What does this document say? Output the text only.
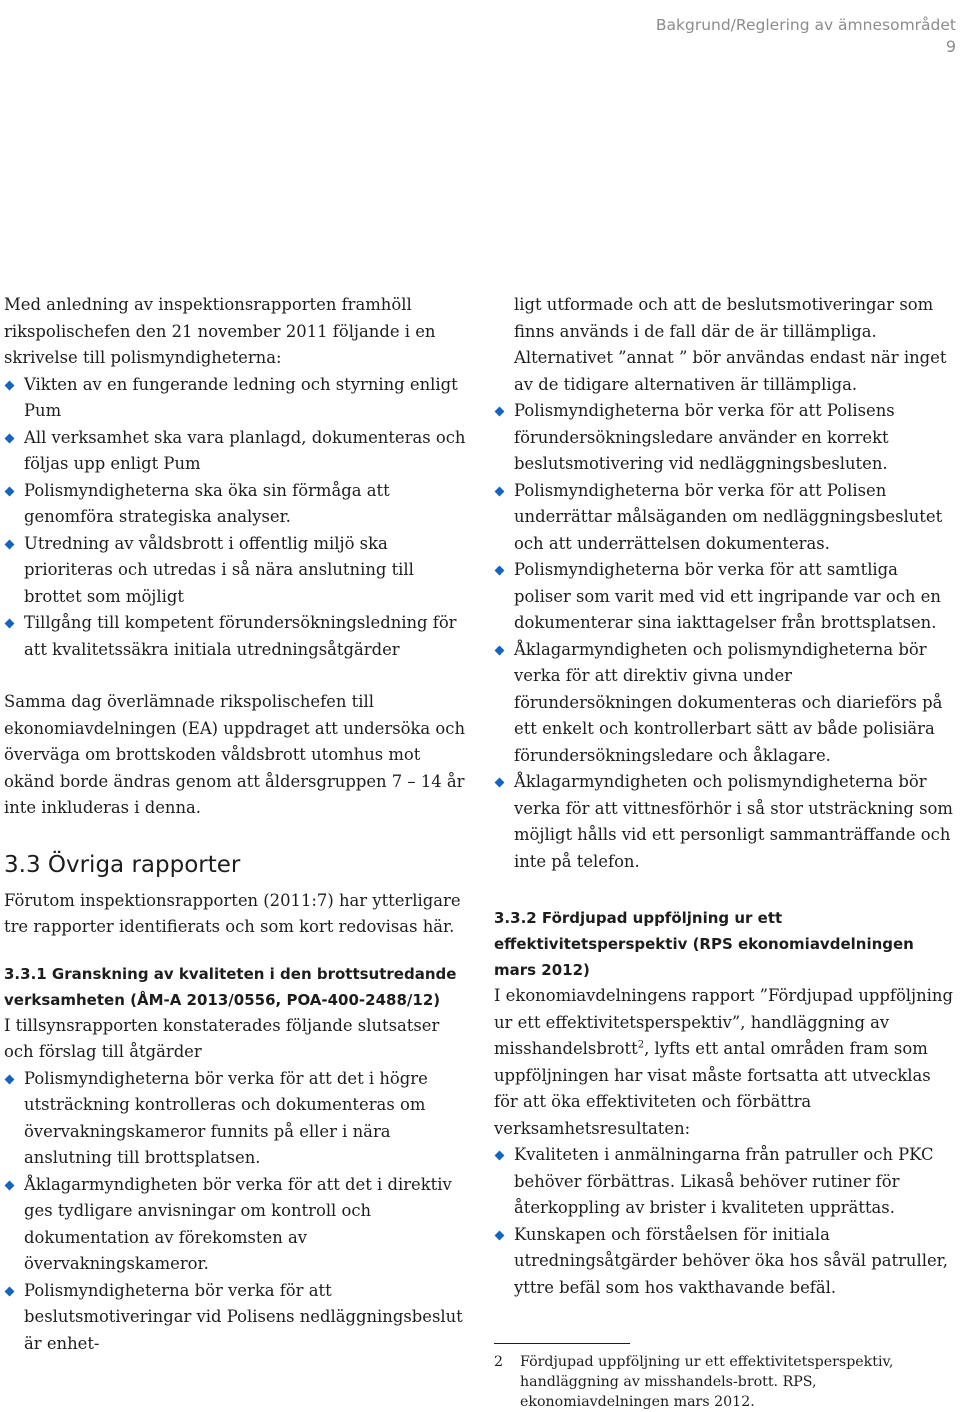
Bakgrund/Reglering av ämnesområdet
9

Med anledning av inspektionsrapporten framhöll rikspolischefen den 21 november 2011 följande i en skrivelse till polismyndigheterna:

Vikten av en fungerande ledning och styrning enligt Pum
All verksamhet ska vara planlagd, dokumenteras och följas upp enligt Pum
Polismyndigheterna ska öka sin förmåga att genomföra strategiska analyser.
Utredning av våldsbrott i offentlig miljö ska prioriteras och utredas i så nära anslutning till brottet som möjligt
Tillgång till kompetent förundersökningsledning för att kvalitetssäkra initiala utredningsåtgärder

Samma dag överlämnade rikspolischefen till ekonomiavdelningen (EA) uppdraget att undersöka och överväga om brottskoden våldsbrott utomhus mot okänd borde ändras genom att åldersgruppen 7 – 14 år inte inkluderas i denna.

3.3 Övriga rapporter

Förutom inspektionsrapporten (2011:7) har ytterligare tre rapporter identifierats och som kort redovisas här.

3.3.1 Granskning av kvaliteten i den brottsutredande verksamheten (ÅM-A 2013/0556, POA-400-2488/12)

I tillsynsrapporten konstaterades följande slutsatser och förslag till åtgärder

Polismyndigheterna bör verka för att det i högre utsträckning kontrolleras och dokumenteras om övervakningskameror funnits på eller i nära anslutning till brottsplatsen.
Åklagarmyndigheten bör verka för att det i direktiv ges tydligare anvisningar om kontroll och dokumentation av förekomsten av övervakningskameror.
Polismyndigheterna bör verka för att beslutsmotiveringar vid Polisens nedläggningsbeslut är enhet-

ligt utformade och att de beslutsmotiveringar som finns används i de fall där de är tillämpliga. Alternativet ”annat ” bör användas endast när inget av de tidigare alternativen är tillämpliga.

Polismyndigheterna bör verka för att Polisens förundersökningsledare använder en korrekt beslutsmotivering vid nedläggningsbesluten.
Polismyndigheterna bör verka för att Polisen underrättar målsäganden om nedläggningsbeslutet och att underrättelsen dokumenteras.
Polismyndigheterna bör verka för att samtliga poliser som varit med vid ett ingripande var och en dokumenterar sina iakttagelser från brottsplatsen.
Åklagarmyndigheten och polismyndigheterna bör verka för att direktiv givna under förundersökningen dokumenteras och diarieförs på ett enkelt och kontrollerbart sätt av både polisiära förundersökningsledare och åklagare.
Åklagarmyndigheten och polismyndigheterna bör verka för att vittnesförhör i så stor utsträckning som möjligt hålls vid ett personligt sammanträffande och inte på telefon.
3.3.2 Fördjupad uppföljning ur ett effektivitetsperspektiv (RPS ekonomiavdelningen mars 2012)

I ekonomiavdelningens rapport ”Fördjupad uppföljning ur ett effektivitetsperspektiv”, handläggning av misshandelsbrott$^2$, lyfts ett antal områden fram som uppföljningen har visat måste fortsatta att utvecklas för att öka effektiviteten och förbättra verksamhetsresultaten:

Kvaliteten i anmälningarna från patruller och PKC behöver förbättras. Likaså behöver rutiner för återkoppling av brister i kvaliteten upprättas.
Kunskapen och förståelsen för initiala utredningsåtgärder behöver öka hos såväl patruller, yttre befäl som hos vakthavande befäl.
2 Fördjupad uppföljning ur ett effektivitetsperspektiv, handläggning av misshandels-brott. RPS, ekonomiavdelningen mars 2012.
